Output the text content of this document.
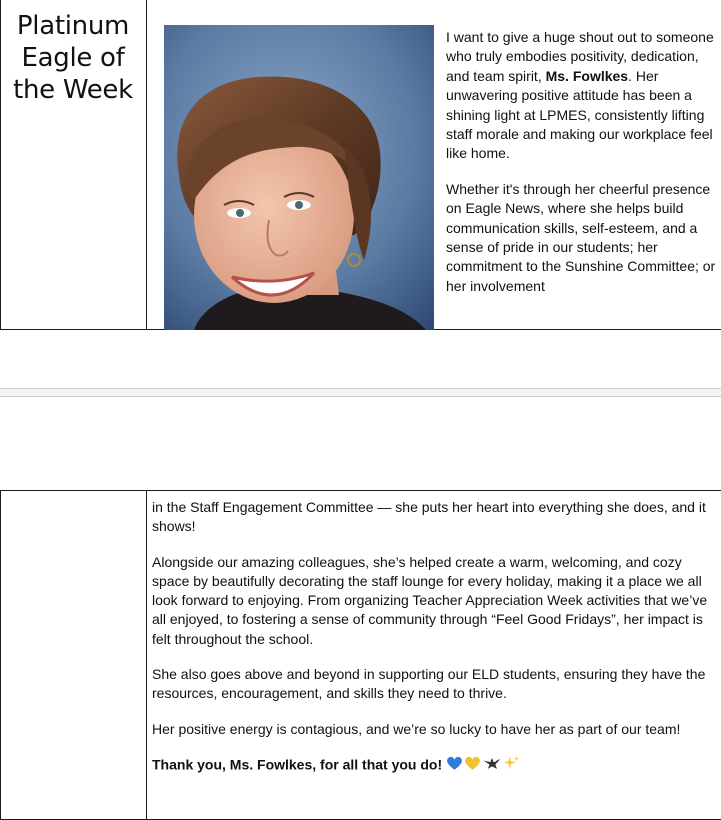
Platinum Eagle of the Week

I want to give a huge shout out to someone who truly embodies positivity, dedication, and team spirit, Ms. Fowlkes. Her unwavering positive attitude has been a shining light at LPMES, consistently lifting staff morale and making our workplace feel like home.

Whether it's through her cheerful presence on Eagle News, where she helps build communication skills, self-esteem, and a sense of pride in our students; her commitment to the Sunshine Committee; or her involvement

in the Staff Engagement Committee — she puts her heart into everything she does, and it shows!

Alongside our amazing colleagues, she’s helped create a warm, welcoming, and cozy space by beautifully decorating the staff lounge for every holiday, making it a place we all look forward to enjoying. From organizing Teacher Appreciation Week activities that we’ve all enjoyed, to fostering a sense of community through “Feel Good Fridays”, her impact is felt throughout the school.

She also goes above and beyond in supporting our ELD students, ensuring they have the resources, encouragement, and skills they need to thrive.

Her positive energy is contagious, and we’re so lucky to have her as part of our team!

Thank you, Ms. Fowlkes, for all that you do!
